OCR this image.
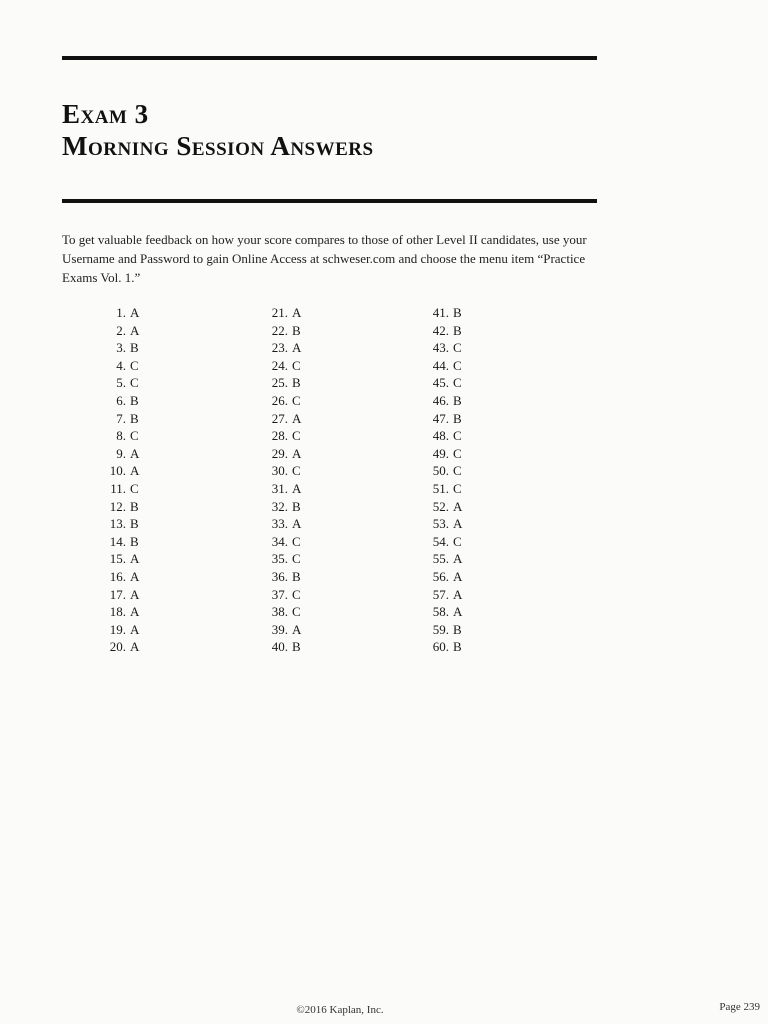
Exam 3
Morning Session Answers

To get valuable feedback on how your score compares to those of other Level II candidates, use your Username and Password to gain Online Access at schweser.com and choose the menu item “Practice Exams Vol. 1.”

1. A
2. A
3. B
4. C
5. C
6. B
7. B
8. C
9. A
10. A
11. C
12. B
13. B
14. B
15. A
16. A
17. A
18. A
19. A
20. A
21. A
22. B
23. A
24. C
25. B
26. C
27. A
28. C
29. A
30. C
31. A
32. B
33. A
34. C
35. C
36. B
37. C
38. C
39. A
40. B
41. B
42. B
43. C
44. C
45. C
46. B
47. B
48. C
49. C
50. C
51. C
52. A
53. A
54. C
55. A
56. A
57. A
58. A
59. B
60. B
©2016 Kaplan, Inc.	Page 239
